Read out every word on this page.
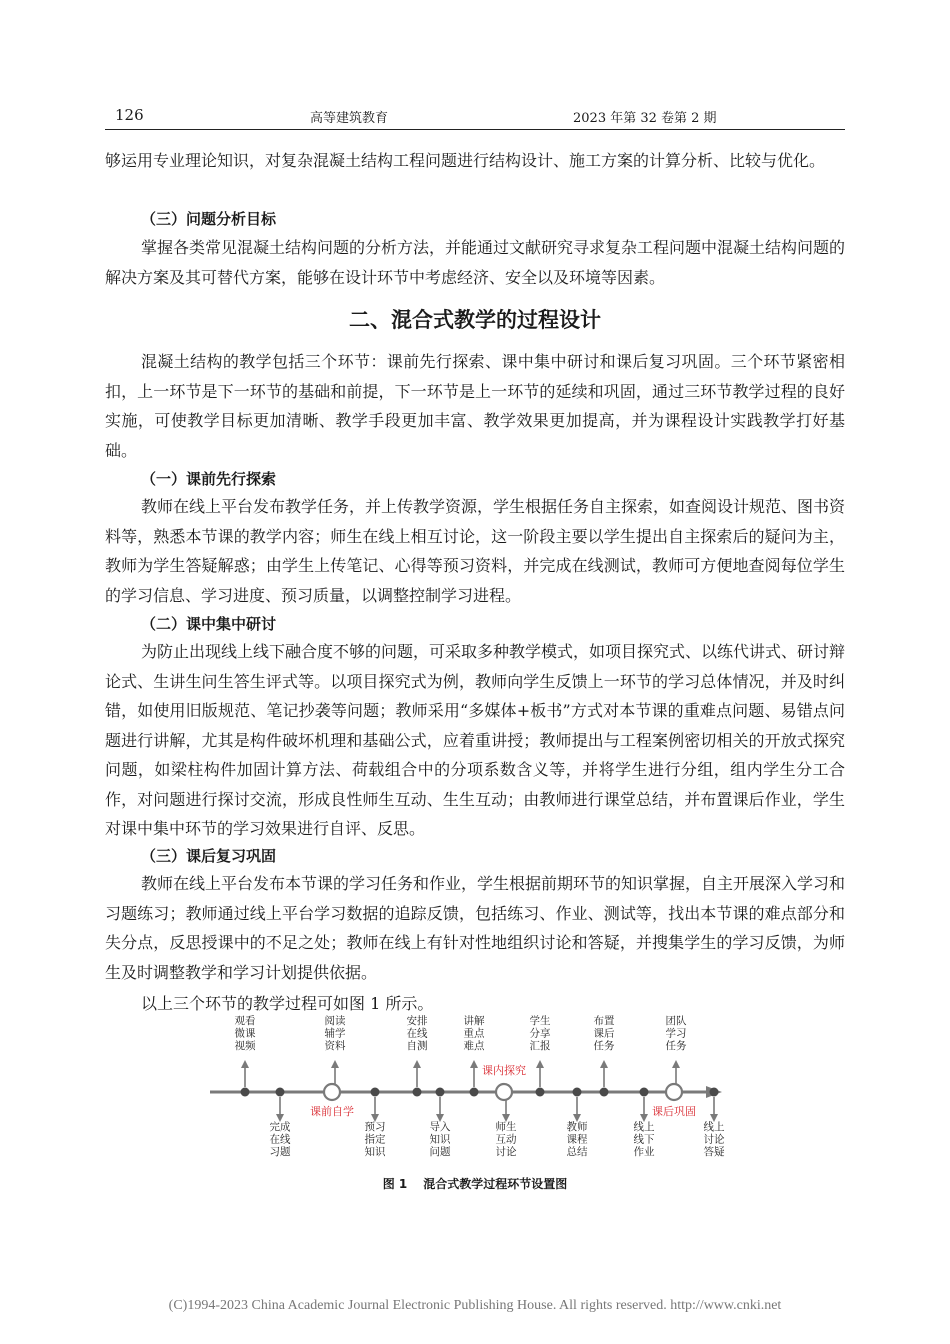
126	高等建筑教育	2023 年第 32 卷第 2 期

够运用专业理论知识，对复杂混凝土结构工程问题进行结构设计、施工方案的计算分析、比较与优化。

（三）问题分析目标

掌握各类常见混凝土结构问题的分析方法，并能通过文献研究寻求复杂工程问题中混凝土结构问题的解决方案及其可替代方案，能够在设计环节中考虑经济、安全以及环境等因素。

二、混合式教学的过程设计

混凝土结构的教学包括三个环节：课前先行探索、课中集中研讨和课后复习巩固。三个环节紧密相扣，上一环节是下一环节的基础和前提，下一环节是上一环节的延续和巩固，通过三环节教学过程的良好实施，可使教学目标更加清晰、教学手段更加丰富、教学效果更加提高，并为课程设计实践教学打好基础。

（一）课前先行探索

教师在线上平台发布教学任务，并上传教学资源，学生根据任务自主探索，如查阅设计规范、图书资料等，熟悉本节课的教学内容；师生在线上相互讨论，这一阶段主要以学生提出自主探索后的疑问为主，教师为学生答疑解惑；由学生上传笔记、心得等预习资料，并完成在线测试，教师可方便地查阅每位学生的学习信息、学习进度、预习质量，以调整控制学习进程。

（二）课中集中研讨

为防止出现线上线下融合度不够的问题，可采取多种教学模式，如项目探究式、以练代讲式、研讨辩论式、生讲生问生答生评式等。以项目探究式为例，教师向学生反馈上一环节的学习总体情况，并及时纠错，如使用旧版规范、笔记抄袭等问题；教师采用“多媒体+板书”方式对本节课的重难点问题、易错点问题进行讲解，尤其是构件破坏机理和基础公式，应着重讲授；教师提出与工程案例密切相关的开放式探究问题，如梁柱构件加固计算方法、荷载组合中的分项系数含义等，并将学生进行分组，组内学生分工合作，对问题进行探讨交流，形成良性师生互动、生生互动；由教师进行课堂总结，并布置课后作业，学生对课中集中环节的学习效果进行自评、反思。

（三）课后复习巩固

教师在线上平台发布本节课的学习任务和作业，学生根据前期环节的知识掌握，自主开展深入学习和习题练习；教师通过线上平台学习数据的追踪反馈，包括练习、作业、测试等，找出本节课的难点部分和失分点，反思授课中的不足之处；教师在线上有针对性地组织讨论和答疑，并搜集学生的学习反馈，为师生及时调整教学和学习计划提供依据。

以上三个环节的教学过程可如图 1 所示。

观看微课视频
阅读辅学资料
安排在线自测
讲解重点难点
学生分享汇报
布置课后任务
团队学习任务
完成在线习题
预习指定知识
导入知识问题
师生互动讨论
教师课程总结
线上线下作业
线上讨论答疑
课前自学
课内探究
课后巩固
图 1 混合式教学过程环节设置图
(C)1994-2023 China Academic Journal Electronic Publishing House. All rights reserved. http://www.cnki.net
